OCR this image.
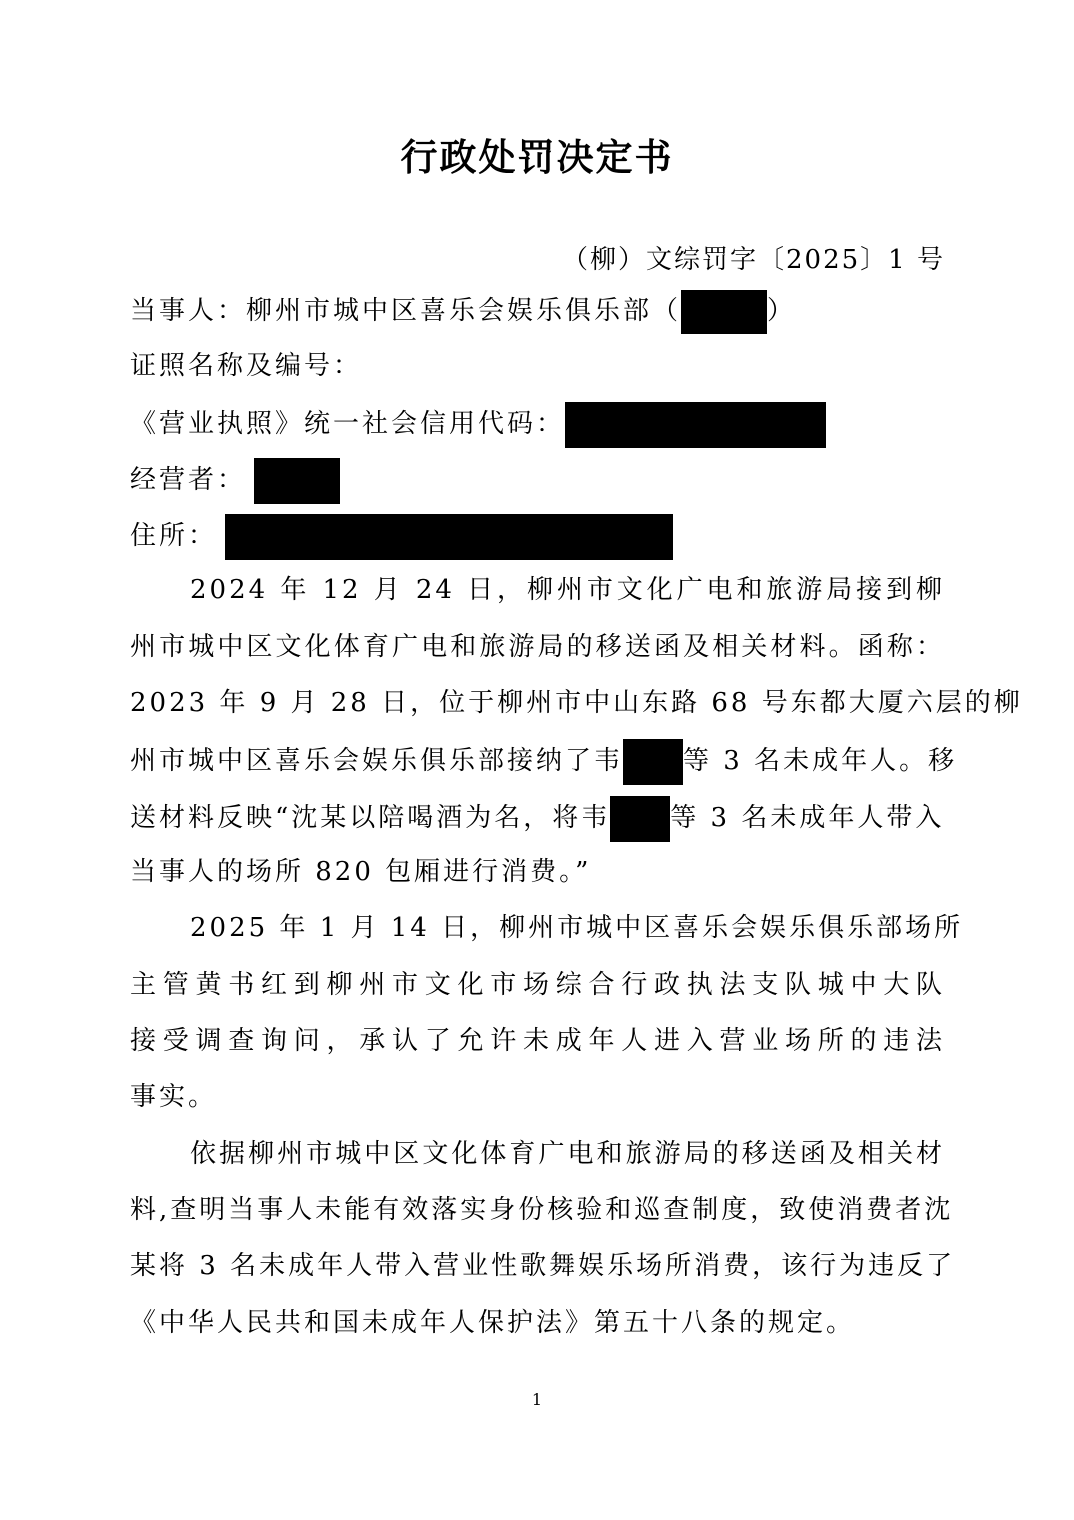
行政处罚决定书
（柳）文综罚字〔2025〕1 号
当事人：柳州市城中区喜乐会娱乐俱乐部（	）
证照名称及编号：
《营业执照》统一社会信用代码：
经营者：
住所：
2024 年 12 月 24 日，柳州市文化广电和旅游局接到柳
州市城中区文化体育广电和旅游局的移送函及相关材料。函称：
2023 年 9 月 28 日，位于柳州市中山东路 68 号东都大厦六层的柳
州市城中区喜乐会娱乐俱乐部接纳了韦 等 3 名未成年人。移
送材料反映“沈某以陪喝酒为名，将韦 等 3 名未成年人带入
当事人的场所 820 包厢进行消费。”
2025 年 1 月 14 日，柳州市城中区喜乐会娱乐俱乐部场所
主管黄书红到柳州市文化市场综合行政执法支队城中大队
接受调查询问，承认了允许未成年人进入营业场所的违法
事实。
依据柳州市城中区文化体育广电和旅游局的移送函及相关材
料,查明当事人未能有效落实身份核验和巡查制度，致使消费者沈
某将 3 名未成年人带入营业性歌舞娱乐场所消费，该行为违反了
《中华人民共和国未成年人保护法》第五十八条的规定。
1
